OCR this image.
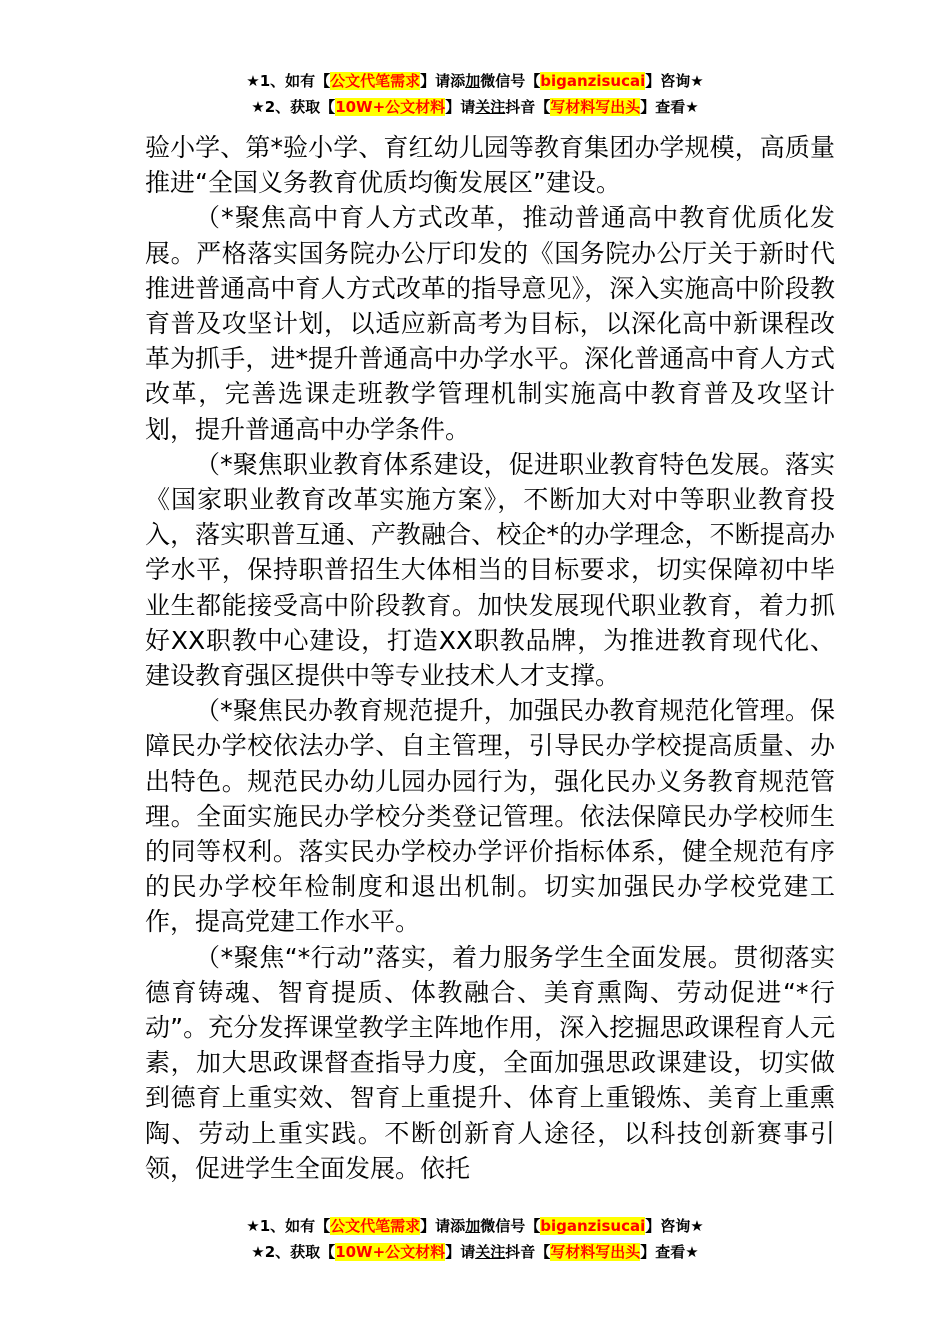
★1、如有【公文代笔需求】请添加微信号【biganzisucai】咨询★
★2、获取【10W+公文材料】请关注抖音【写材料写出头】查看★

验小学、第*验小学、育红幼儿园等教育集团办学规模，高质量推进“全国义务教育优质均衡发展区”建设。

（*聚焦高中育人方式改革，推动普通高中教育优质化发展。严格落实国务院办公厅印发的《国务院办公厅关于新时代推进普通高中育人方式改革的指导意见》，深入实施高中阶段教育普及攻坚计划，以适应新高考为目标，以深化高中新课程改革为抓手，进*提升普通高中办学水平。深化普通高中育人方式改革，完善选课走班教学管理机制实施高中教育普及攻坚计划，提升普通高中办学条件。

（*聚焦职业教育体系建设，促进职业教育特色发展。落实《国家职业教育改革实施方案》，不断加大对中等职业教育投入，落实职普互通、产教融合、校企*的办学理念，不断提高办学水平，保持职普招生大体相当的目标要求，切实保障初中毕业生都能接受高中阶段教育。加快发展现代职业教育，着力抓好XX职教中心建设，打造XX职教品牌，为推进教育现代化、建设教育强区提供中等专业技术人才支撑。

（*聚焦民办教育规范提升，加强民办教育规范化管理。保障民办学校依法办学、自主管理，引导民办学校提高质量、办出特色。规范民办幼儿园办园行为，强化民办义务教育规范管理。全面实施民办学校分类登记管理。依法保障民办学校师生的同等权利。落实民办学校办学评价指标体系，健全规范有序的民办学校年检制度和退出机制。切实加强民办学校党建工作，提高党建工作水平。

（*聚焦“*行动”落实，着力服务学生全面发展。贯彻落实德育铸魂、智育提质、体教融合、美育熏陶、劳动促进“*行动”。充分发挥课堂教学主阵地作用，深入挖掘思政课程育人元素，加大思政课督查指导力度，全面加强思政课建设，切实做到德育上重实效、智育上重提升、体育上重锻炼、美育上重熏陶、劳动上重实践。不断创新育人途径，以科技创新赛事引领，促进学生全面发展。依托

★1、如有【公文代笔需求】请添加微信号【biganzisucai】咨询★
★2、获取【10W+公文材料】请关注抖音【写材料写出头】查看★
